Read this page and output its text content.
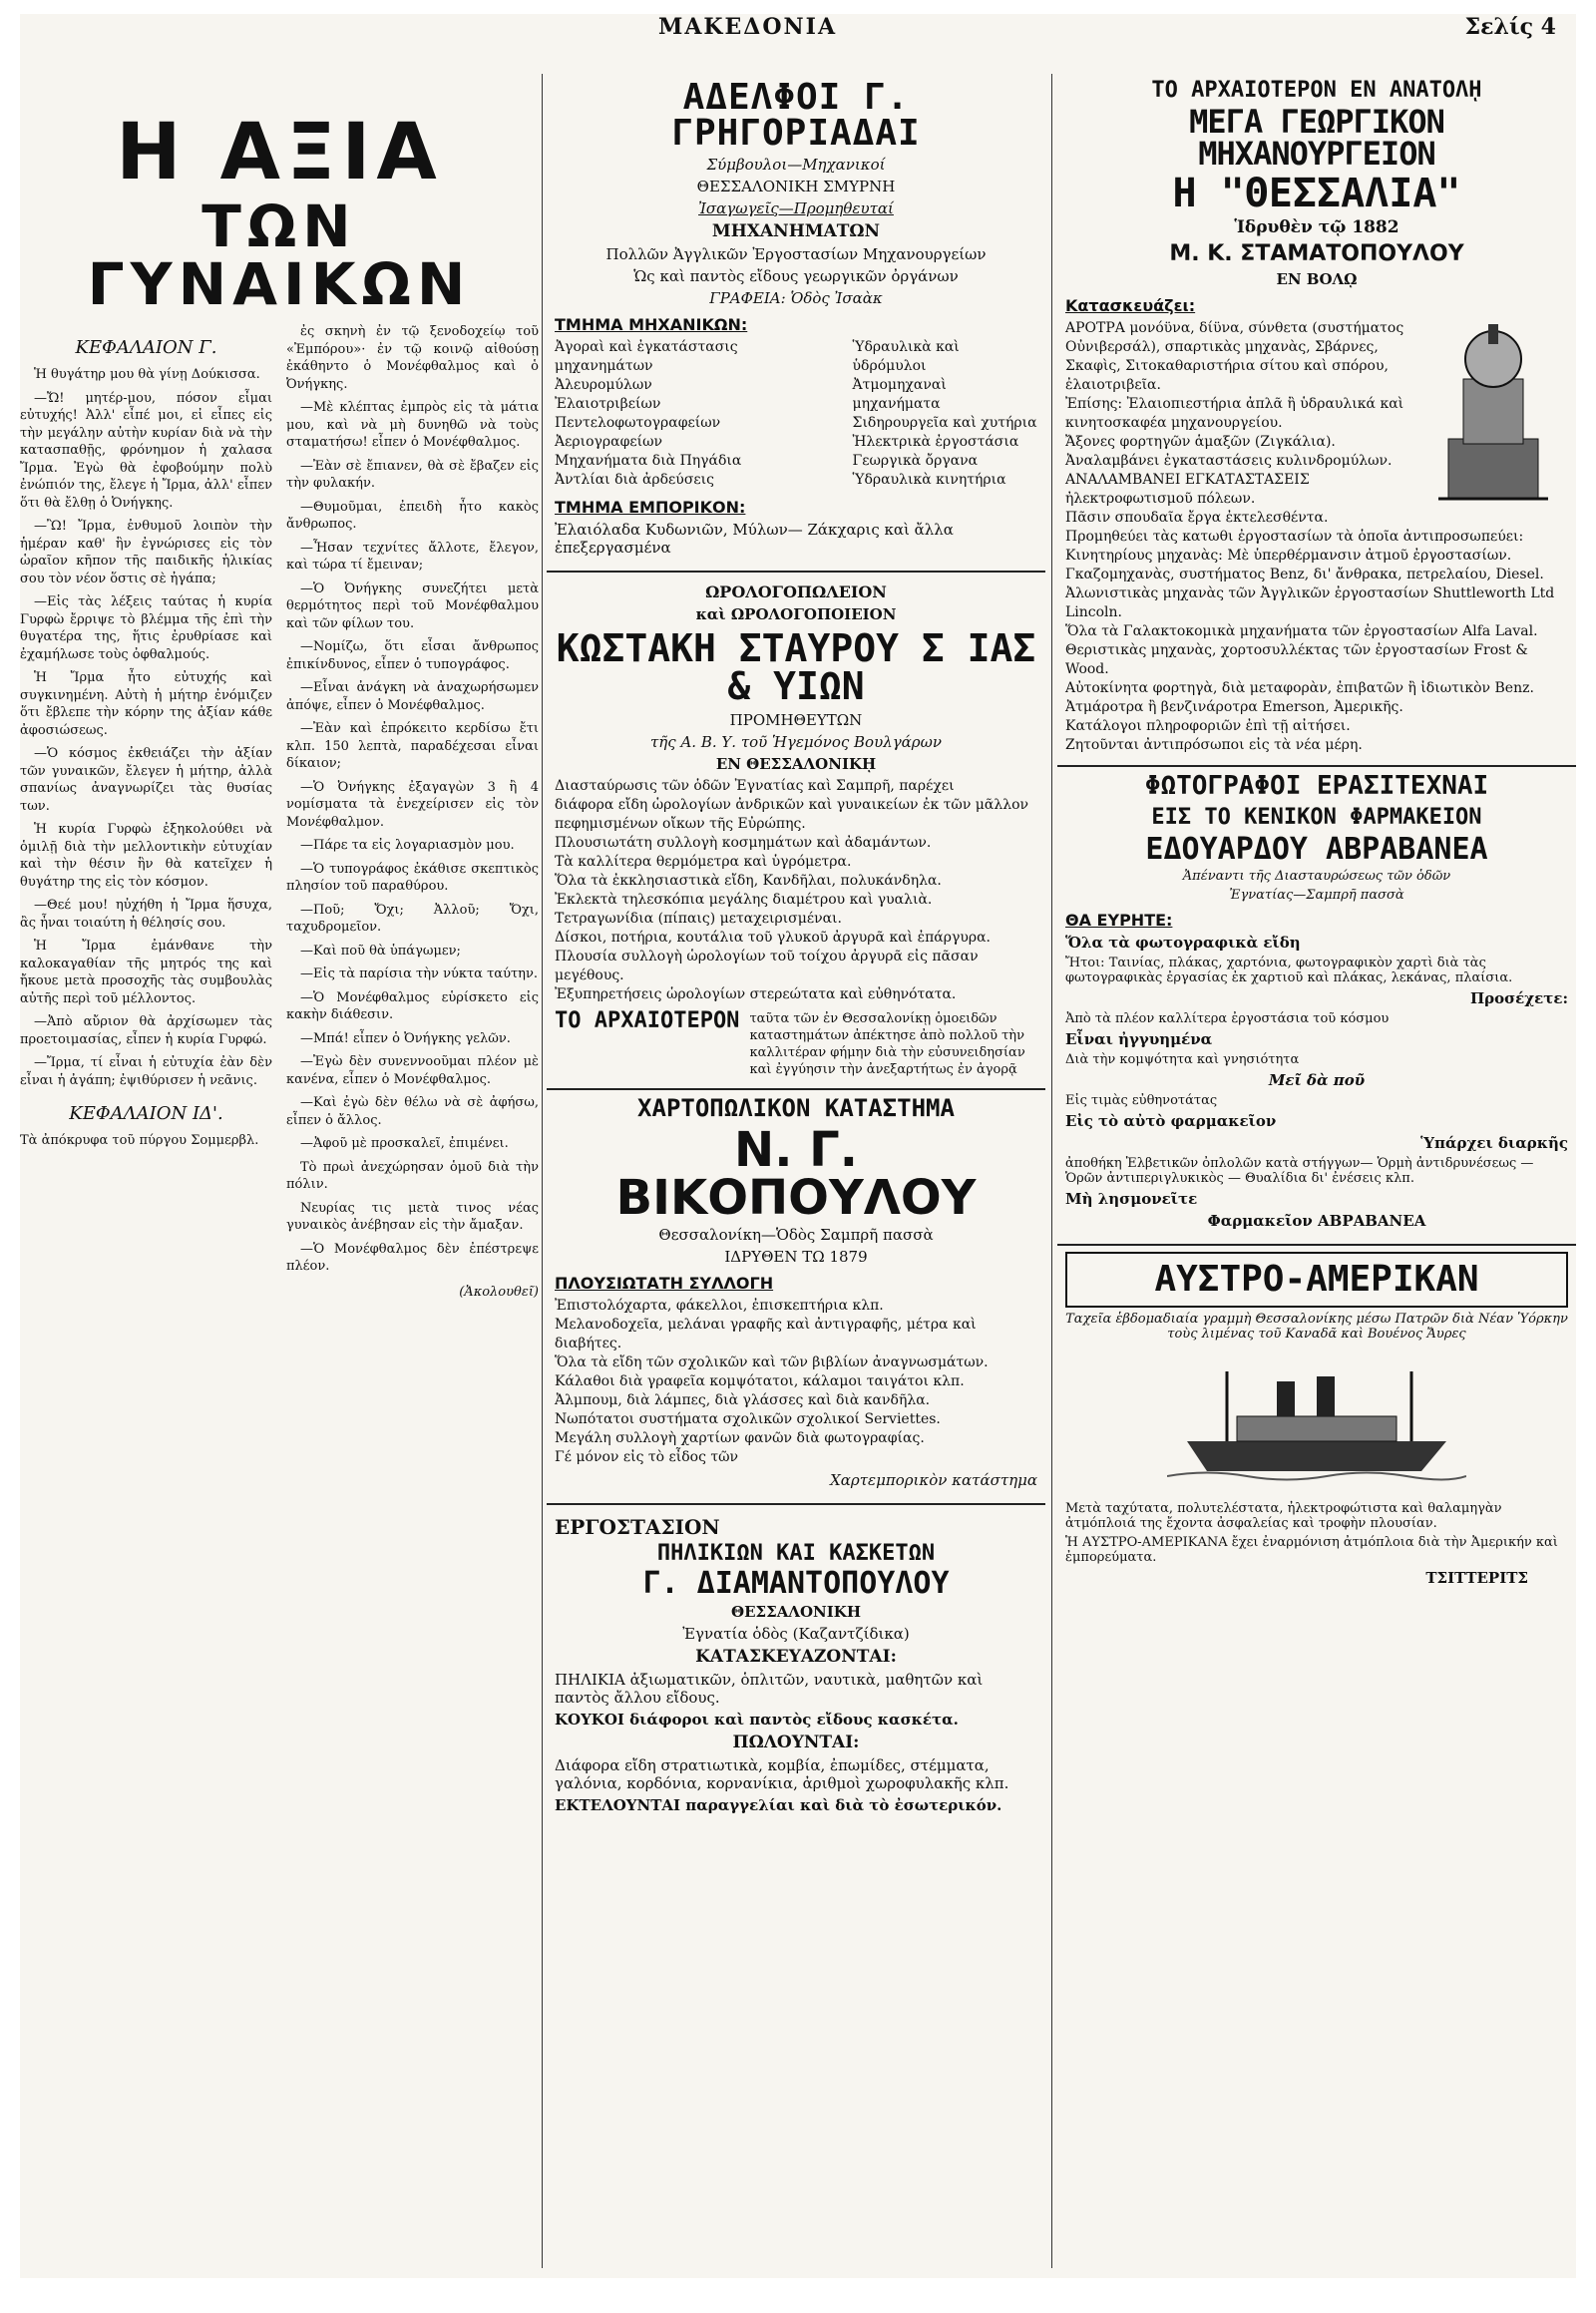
ΜΑΚΕΔΟΝΙΑ	Σελίς 4
Η ΑΞΙΑ
ΤΩΝ ΓΥΝΑΙΚΩΝ
ΚΕΦΑΛΑΙΟΝ Γ.

Ἡ θυγάτηρ μου θὰ γίνῃ Δούκισσα.

—Ὤ! μητέρ-μου, πόσον εἶμαι εὐτυχής! Ἀλλ' εἶπέ μοι, εἰ εἶπες εἰς τὴν μεγάλην αὐτὴν κυρίαν διὰ νὰ τὴν κατασπαθῇς, φρόνημον ἡ χαλασα Ἴρμα. Ἐγὼ θὰ ἐφοβούμην πολὺ ἐνώπιόν της, ἔλεγε ἡ Ἴρμα, ἀλλ' εἶπεν ὅτι θὰ ἔλθῃ ὁ Ὀνήγκης.

—Ὢ! Ἴρμα, ἐνθυμοῦ λοιπὸν τὴν ἡμέραν καθ' ἣν ἐγνώρισες εἰς τὸν ὡραῖον κῆπον τῆς παιδικῆς ἡλικίας σου τὸν νέον ὅστις σὲ ἠγάπα;

—Εἰς τὰς λέξεις ταύτας ἡ κυρία Γυρφὼ ἔρριψε τὸ βλέμμα τῆς ἐπὶ τὴν θυγατέρα της, ἥτις ἐρυθρίασε καὶ ἐχαμήλωσε τοὺς ὀφθαλμούς.

Ἡ Ἴρμα ἦτο εὐτυχής καὶ συγκινημένη. Αὐτὴ ἡ μήτηρ ἐνόμιζεν ὅτι ἔβλεπε τὴν κόρην της ἀξίαν κάθε ἀφοσιώσεως.

—Ὁ κόσμος ἐκθειάζει τὴν ἀξίαν τῶν γυναικῶν, ἔλεγεν ἡ μήτηρ, ἀλλὰ σπανίως ἀναγνωρίζει τὰς θυσίας των.

Ἡ κυρία Γυρφὼ ἐξηκολούθει νὰ ὁμιλῇ διὰ τὴν μελλοντικὴν εὐτυχίαν καὶ τὴν θέσιν ἣν θὰ κατεῖχεν ἡ θυγάτηρ της εἰς τὸν κόσμον.

—Θεέ μου! ηὐχήθη ἡ Ἴρμα ἥσυχα, ἂς ἦναι τοιαύτη ἡ θέλησίς σου.

Ἡ Ἴρμα ἐμάνθανε τὴν καλοκαγαθίαν τῆς μητρός της καὶ ἤκουε μετὰ προσοχῆς τὰς συμβουλὰς αὐτῆς περὶ τοῦ μέλλοντος.

—Ἀπὸ αὔριον θὰ ἀρχίσωμεν τὰς προετοιμασίας, εἶπεν ἡ κυρία Γυρφώ.

—Ἴρμα, τί εἶναι ἡ εὐτυχία ἐὰν δὲν εἶναι ἡ ἀγάπη; ἐψιθύρισεν ἡ νεᾶνις.

ΚΕΦΑΛΑΙΟΝ ΙΔ'.
Τὰ ἀπόκρυφα τοῦ πύργου Σομμερβλ.

ἐς σκηνὴ ἐν τῷ ξενοδοχείῳ τοῦ «Ἐμπόρου»· ἐν τῷ κοινῷ αἰθούσῃ ἐκάθηντο ὁ Μονέφθαλμος καὶ ὁ Ὀνήγκης.

—Μὲ κλέπτας ἐμπρὸς εἰς τὰ μάτια μου, καὶ νὰ μὴ δυνηθῶ νὰ τοὺς σταματήσω! εἶπεν ὁ Μονέφθαλμος.

—Ἐὰν σὲ ἔπιανεν, θὰ σὲ ἔβαζεν εἰς τὴν φυλακήν.

—Θυμοῦμαι, ἐπειδὴ ἦτο κακὸς ἄνθρωπος.

—Ἦσαν τεχνίτες ἄλλοτε, ἔλεγον, καὶ τώρα τί ἔμειναν;

—Ὁ Ὀνήγκης συνεζήτει μετὰ θερμότητος περὶ τοῦ Μονέφθαλμου καὶ τῶν φίλων του.

—Νομίζω, ὅτι εἶσαι ἄνθρωπος ἐπικίνδυνος, εἶπεν ὁ τυπογράφος.

—Εἶναι ἀνάγκη νὰ ἀναχωρήσωμεν ἀπόψε, εἶπεν ὁ Μονέφθαλμος.

—Ἐὰν καὶ ἐπρόκειτο κερδίσω ἔτι κλπ. 150 λεπτὰ, παραδέχεσαι εἶναι δίκαιον;

—Ὁ Ὀνήγκης ἐξαγαγὼν 3 ἢ 4 νομίσματα τὰ ἐνεχείρισεν εἰς τὸν Μονέφθαλμον.

—Πάρε τα εἰς λογαριασμὸν μου.

—Ὁ τυπογράφος ἐκάθισε σκεπτικὸς πλησίον τοῦ παραθύρου.

—Ποῦ; Ὄχι; Ἀλλοῦ; Ὄχι, ταχυδρομεῖον.

—Καὶ ποῦ θὰ ὑπάγωμεν;

—Εἰς τὰ παρίσια τὴν νύκτα ταύτην.

—Ὁ Μονέφθαλμος εὑρίσκετο εἰς κακὴν διάθεσιν.

—Μπά! εἶπεν ὁ Ὀνήγκης γελῶν.

—Ἐγὼ δὲν συνεννοοῦμαι πλέον μὲ κανένα, εἶπεν ὁ Μονέφθαλμος.

—Καὶ ἐγὼ δὲν θέλω νὰ σὲ ἀφήσω, εἶπεν ὁ ἄλλος.

—Ἀφοῦ μὲ προσκαλεῖ, ἐπιμένει.

Τὸ πρωὶ ἀνεχώρησαν ὁμοῦ διὰ τὴν πόλιν.

Νευρίας τις μετὰ τινος νέας γυναικὸς ἀνέβησαν εἰς τὴν ἄμαξαν.

—Ὁ Μονέφθαλμος δὲν ἐπέστρεψε πλέον.

(Ἀκολουθεῖ)
ΑΔΕΛΦΟΙ Γ. ΓΡΗΓΟΡΙΑΔΑΙ
Σύμβουλοι—Μηχανικοί
ΘΕΣΣΑΛΟΝΙΚΗ ΣΜΥΡΝΗ
Ἰσαγωγεῖς—Προμηθευταί
ΜΗΧΑΝΗΜΑΤΩΝ
Πολλῶν Ἀγγλικῶν Ἐργοστασίων Μηχανουργείων
Ὡς καὶ παντὸς εἴδους γεωργικῶν ὀργάνων
ΓΡΑΦΕΙΑ: Ὁδὸς Ἰσαὰκ
ΤΜΗΜΑ ΜΗΧΑΝΙΚΩΝ:
Ἀγοραὶ καὶ ἐγκατάστασις μηχανημάτων
Ἀλευρομύλων
Ἐλαιοτριβείων
Πεντελοφωτογραφείων
Ἀεριογραφείων
Μηχανήματα διὰ Πηγάδια
Ἀντλίαι διὰ ἀρδεύσεις
Ὑδραυλικὰ καὶ ὑδρόμυλοι
Ἀτμομηχαναὶ μηχανήματα
Σιδηρουργεῖα καὶ χυτήρια
Ἠλεκτρικὰ ἐργοστάσια
Γεωργικὰ ὄργανα
Ὑδραυλικὰ κινητήρια
ΤΜΗΜΑ ΕΜΠΟΡΙΚΟΝ:
Ἐλαιόλαδα Κυδωνιῶν, Μύλων— Ζάκχαρις καὶ ἄλλα ἐπεξεργασμένα
ΩΡΟΛΟΓΟΠΩΛΕΙΟΝ
καὶ ΩΡΟΛΟΓΟΠΟΙΕΙΟΝ
ΚΩΣΤΑΚΗ ΣΤΑΥΡΟΥ Σ ΙΑΣ & ΥΙΩΝ
ΠΡΟΜΗΘΕΥΤΩΝ
τῆς Α. Β. Υ. τοῦ Ἡγεμόνος Βουλγάρων
ΕΝ ΘΕΣΣΑΛΟΝΙΚῌ
Διασταύρωσις τῶν ὁδῶν Ἐγνατίας καὶ Σαμπρῆ, παρέχει
διάφορα εἴδη ὡρολογίων ἀνδρικῶν καὶ γυναικείων ἐκ τῶν μᾶλλον πεφημισμένων οἴκων τῆς Εὐρώπης.
Πλουσιωτάτη συλλογὴ κοσμημάτων καὶ ἀδαμάντων.
Τὰ καλλίτερα θερμόμετρα καὶ ὑγρόμετρα.
Ὅλα τὰ ἐκκλησιαστικὰ εἴδη, Κανδῆλαι, πολυκάνδηλα.
Ἐκλεκτὰ τηλεσκόπια μεγάλης διαμέτρου καὶ γυαλιὰ.
Τετραγωνίδια (πίπαις) μεταχειρισμέναι.
Δίσκοι, ποτήρια, κουτάλια τοῦ γλυκοῦ ἀργυρᾶ καὶ ἐπάργυρα.
Πλουσία συλλογὴ ὡρολογίων τοῦ τοίχου ἀργυρᾶ εἰς πᾶσαν μεγέθους.
Ἐξυπηρετήσεις ὡρολογίων στερεώτατα καὶ εὐθηνότατα.
ΤΟ ΑΡΧΑΙΟΤΕΡΟΝ ταῦτα τῶν ἐν Θεσσαλονίκῃ ὁμοειδῶν καταστημάτων ἀπέκτησε ἀπὸ πολλοῦ τὴν καλλιτέραν φήμην διὰ τὴν εὐσυνειδησίαν καὶ ἐγγύησιν τὴν ἀνεξαρτήτως ἐν ἀγορᾷ
ΧΑΡΤΟΠΩΛΙΚΟΝ ΚΑΤΑΣΤΗΜΑ
Ν. Γ. ΒΙΚΟΠΟΥΛΟΥ
Θεσσαλονίκη—Ὁδὸς Σαμπρῆ πασσὰ
ΙΔΡΥΘΕΝ ΤΩ 1879
ΠΛΟΥΣΙΩΤΑΤΗ ΣΥΛΛΟΓΗ
Ἐπιστολόχαρτα, φάκελλοι, ἐπισκεπτήρια κλπ.
Μελανοδοχεῖα, μελάναι γραφῆς καὶ ἀντιγραφῆς, μέτρα καὶ διαβήτες.
Ὅλα τὰ εἴδη τῶν σχολικῶν καὶ τῶν βιβλίων ἀναγνωσμάτων.
Κάλαθοι διὰ γραφεῖα κομψότατοι, κάλαμοι ταιγάτοι κλπ.
Ἀλμπουμ, διὰ λάμπες, διὰ γλάσσες καὶ διὰ κανδῆλα.
Νωπότατοι συστήματα σχολικῶν σχολικοί Serviettes.
Μεγάλη συλλογὴ χαρτίων φανῶν διὰ φωτογραφίας.
Γέ μόνον εἰς τὸ εἶδος τῶν
Χαρτεμπορικὸν κατάστημα
ΕΡΓΟΣΤΑΣΙΟΝ
ΠΗΛΙΚΙΩΝ ΚΑΙ ΚΑΣΚΕΤΩΝ
Γ. ΔΙΑΜΑΝΤΟΠΟΥΛΟΥ
ΘΕΣΣΑΛΟΝΙΚΗ
Ἐγνατία ὁδὸς (Καζαντζίδικα)
ΚΑΤΑΣΚΕΥΑΖΟΝΤΑΙ:
ΠΗΛΙΚΙΑ ἀξιωματικῶν, ὁπλιτῶν, ναυτικὰ, μαθητῶν καὶ παντὸς ἄλλου εἴδους.
ΚΟΥΚΟΙ διάφοροι καὶ παντὸς εἴδους κασκέτα.
ΠΩΛΟΥΝΤΑΙ:
Διάφορα εἴδη στρατιωτικὰ, κομβία, ἐπωμίδες, στέμματα, γαλόνια, κορδόνια, κορνανίκια, ἀριθμοὶ χωροφυλακῆς κλπ.
ΕΚΤΕΛΟΥΝΤΑΙ παραγγελίαι καὶ διὰ τὸ ἐσωτερικόν.
ΤΟ ΑΡΧΑΙΟΤΕΡΟΝ ΕΝ ΑΝΑΤΟΛῌ
ΜΕΓΑ ΓΕΩΡΓΙΚΟΝ ΜΗΧΑΝΟΥΡΓΕΙΟΝ
Η "ΘΕΣΣΑΛΙΑ"
Ἱδρυθὲν τῷ 1882
Μ. Κ. ΣΤΑΜΑΤΟΠΟΥΛΟΥ
ΕΝ ΒΟΛῼ
Κατασκευάζει:
ΑΡΟΤΡΑ μονόϋνα, δίϋνα, σύνθετα (συστήματος Οὐνιβερσάλ), σπαρτικὰς μηχανὰς, Σβάρνες, Σκαφὶς, Σιτοκαθαριστήρια σίτου καὶ σπόρου, ἐλαιοτριβεῖα.
Ἐπίσης: Ἐλαιοπιεστήρια ἀπλᾶ ἢ ὑδραυλικά καὶ κινητοσκαφέα μηχανουργείου.
Ἄξονες φορτηγῶν ἁμαξῶν (Ζιγκάλια).
Ἀναλαμβάνει ἐγκαταστάσεις κυλινδρομύλων.
ΑΝΑΛΑΜΒΑΝΕΙ ΕΓΚΑΤΑΣΤΑΣΕΙΣ ἠλεκτροφωτισμοῦ πόλεων.
Πᾶσιν σπουδαῖα ἔργα ἐκτελεσθέντα.
Προμηθεύει τὰς κατωθι ἐργοστασίων τὰ ὁποῖα ἀντιπροσωπεύει:
Κινητηρίους μηχανὰς: Μὲ ὑπερθέρμανσιν ἀτμοῦ ἐργοστασίων.
Γκαζομηχανὰς, συστήματος Benz, δι' ἄνθρακα, πετρελαίου, Diesel.
Ἀλωνιστικὰς μηχανὰς τῶν Ἀγγλικῶν ἐργοστασίων Shuttleworth Ltd Lincoln.
Ὅλα τὰ Γαλακτοκομικὰ μηχανήματα τῶν ἐργοστασίων Alfa Laval.
Θεριστικὰς μηχανὰς, χορτοσυλλέκτας τῶν ἐργοστασίων Frost & Wood.
Αὐτοκίνητα φορτηγὰ, διὰ μεταφορὰν, ἐπιβατῶν ἢ ἰδιωτικὸν Benz.
Ἀτμάροτρα ἢ βενζινάροτρα Emerson, Ἀμερικῆς.
Κατάλογοι πληροφοριῶν ἐπὶ τῇ αἰτήσει.
Ζητοῦνται ἀντιπρόσωποι εἰς τὰ νέα μέρη.
ΦΩΤΟΓΡΑΦΟΙ ΕΡΑΣΙΤΕΧΝΑΙ
ΕΙΣ ΤΟ ΚΕΝΙΚΟΝ ΦΑΡΜΑΚΕΙΟΝ
ΕΔΟΥΑΡΔΟΥ ΑΒΡΑΒΑΝΕΑ
Ἀπέναντι τῆς Διασταυρώσεως τῶν ὁδῶν
Ἐγνατίας—Σαμπρῆ πασσὰ
ΘΑ ΕΥΡΗΤΕ:
Ὅλα τὰ φωτογραφικὰ εἴδη
Ἤτοι: Ταινίας, πλάκας, χαρτόνια, φωτογραφικὸν χαρτὶ διὰ τὰς φωτογραφικὰς ἐργασίας ἐκ χαρτιοῦ καὶ πλάκας, λεκάνας, πλαίσια.
Προσέχετε:
Ἀπὸ τὰ πλέον καλλίτερα ἐργοστάσια τοῦ κόσμου
Εἶναι ἠγγυημένα
Διὰ τὴν κομψότητα καὶ γνησιότητα
Μεῖ δὰ ποῦ
Εἰς τιμὰς εὐθηνοτάτας
Εἰς τὸ αὐτὸ φαρμακεῖον
Ὑπάρχει διαρκῆς
ἀποθήκη Ἑλβετικῶν ὀπλολῶν κατὰ στήγγων— Ὁρμὴ ἀντιδρυνέσεως — Ὁρῶν ἀντιπεριγλυκικὸς — Θυαλίδια δι' ἐνέσεις κλπ.
Μὴ λησμονεῖτε
Φαρμακεῖον ΑΒΡΑΒΑΝΕΑ
ΑΥΣΤΡΟ-ΑΜΕΡΙΚΑΝ
Ταχεῖα ἑβδομαδιαία γραμμὴ Θεσσαλονίκης μέσω Πατρῶν διὰ Νέαν Ὑόρκην τοὺς λιμένας τοῦ Καναδᾶ καὶ Βουένος Ἄυρες
Μετὰ ταχύτατα, πολυτελέστατα, ἠλεκτροφώτιστα καὶ θαλαμηγὰν ἀτμόπλοιά της ἔχοντα ἀσφαλείας καὶ τροφὴν πλουσίαν.
Ἡ ΑΥΣΤΡΟ-ΑΜΕΡΙΚΑΝΑ ἔχει ἐναρμόνιση ἀτμόπλοια διὰ τὴν Ἀμερικήν καὶ ἐμπορεύματα.
ΤΣΙΤΤΕΡΙΤΣ
